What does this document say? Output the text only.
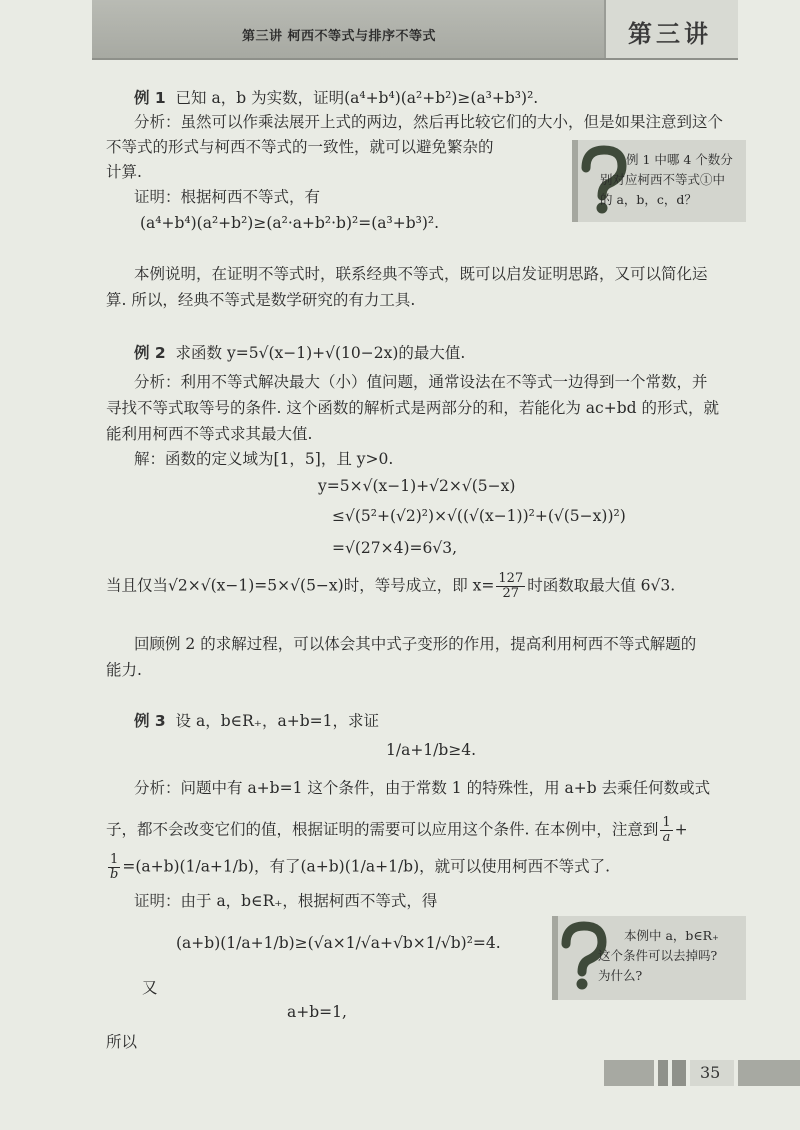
第三讲 柯西不等式与排序不等式	第三讲
例 1 已知 a，b 为实数，证明(a⁴+b⁴)(a²+b²)≥(a³+b³)².
分析：虽然可以作乘法展开上式的两边，然后再比较它们的大小，但是如果注意到这个
不等式的形式与柯西不等式的一致性，就可以避免繁杂的
计算.
证明：根据柯西不等式，有
(a⁴+b⁴)(a²+b²)≥(a²·a+b²·b)²=(a³+b³)².
本例说明，在证明不等式时，联系经典不等式，既可以启发证明思路，又可以简化运
算. 所以，经典不等式是数学研究的有力工具.
例 1 中哪 4 个数分
别对应柯西不等式①中
的 a，b，c，d？
例 2 求函数 y=5√(x−1)+√(10−2x)的最大值.
分析：利用不等式解决最大（小）值问题，通常设法在不等式一边得到一个常数，并
寻找不等式取等号的条件. 这个函数的解析式是两部分的和，若能化为 ac+bd 的形式，就
能利用柯西不等式求其最大值.
解：函数的定义域为[1，5]，且 y>0.
y=5×√(x−1)+√2×√(5−x)
≤√(5²+(√2)²)×√((√(x−1))²+(√(5−x))²)
=√(27×4)=6√3,
当且仅当√2×√(x−1)=5×√(5−x)时，等号成立，即 $x= \frac{127}{27}$ 时函数取最大值 6√3.
回顾例 2 的求解过程，可以体会其中式子变形的作用，提高利用柯西不等式解题的
能力.
例 3 设 a，b∈R₊，a+b=1，求证
1/a+1/b≥4.
分析：问题中有 a+b=1 这个条件，由于常数 1 的特殊性，用 a+b 去乘任何数或式
子，都不会改变它们的值，根据证明的需要可以应用这个条件. 在本例中，注意到 $\frac{1}{a}$ +
$\frac{1}{b} =(a+b)(1/a+1/b)$，有了(a+b)(1/a+1/b)，就可以使用柯西不等式了.
证明：由于 a，b∈R₊，根据柯西不等式，得
(a+b)(1/a+1/b)≥(√a×1/√a+√b×1/√b)²=4.
又
a+b=1,
所以
本例中 a，b∈R₊
这个条件可以去掉吗?
为什么?
35
